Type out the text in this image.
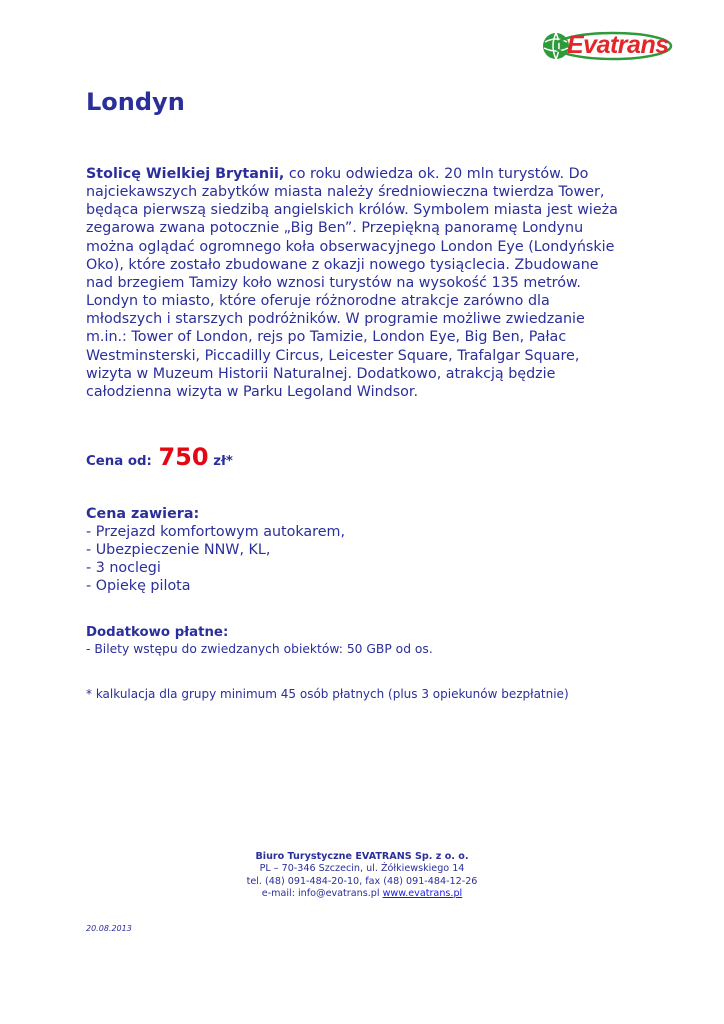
Evatrans
Londyn

Stolicę Wielkiej Brytanii, co roku odwiedza ok. 20 mln turystów. Do
najciekawszych zabytków miasta należy średniowieczna twierdza Tower,
będąca pierwszą siedzibą angielskich królów. Symbolem miasta jest wieża
zegarowa zwana potocznie „Big Ben”. Przepiękną panoramę Londynu
można oglądać ogromnego koła obserwacyjnego London Eye (Londyńskie
Oko), które zostało zbudowane z okazji nowego tysiąclecia. Zbudowane
nad brzegiem Tamizy koło wznosi turystów na wysokość 135 metrów.
Londyn to miasto, które oferuje różnorodne atrakcje zarówno dla
młodszych i starszych podróżników. W programie możliwe zwiedzanie
m.in.: Tower of London, rejs po Tamizie, London Eye, Big Ben, Pałac
Westminsterski, Piccadilly Circus, Leicester Square, Trafalgar Square,
wizyta w Muzeum Historii Naturalnej. Dodatkowo, atrakcją będzie
całodzienna wizyta w Parku Legoland Windsor.

Cena od: 750 zł*
Cena zawiera:
- Przejazd komfortowym autokarem,
- Ubezpieczenie NNW, KL,
- 3 noclegi
- Opiekę pilota
Dodatkowo płatne:
- Bilety wstępu do zwiedzanych obiektów: 50 GBP od os.
* kalkulacja dla grupy minimum 45 osób płatnych (plus 3 opiekunów bezpłatnie)
Biuro Turystyczne EVATRANS Sp. z o. o.
PL – 70-346 Szczecin, ul. Żółkiewskiego 14
tel. (48) 091-484-20-10, fax (48) 091-484-12-26
e-mail: info@evatrans.pl www.evatrans.pl
20.08.2013
